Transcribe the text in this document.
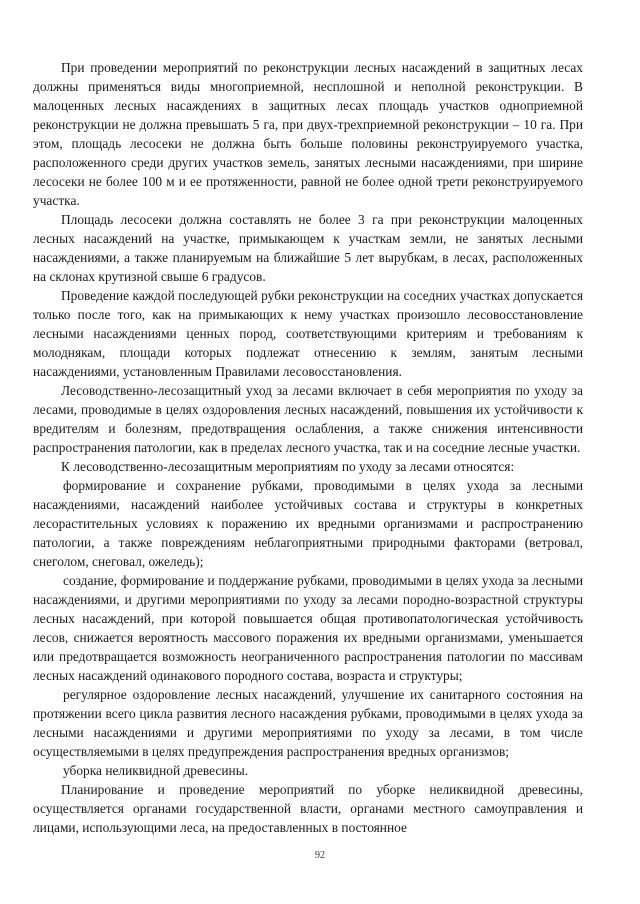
При проведении мероприятий по реконструкции лесных насаждений в защитных лесах должны применяться виды многоприемной, неcплошной и неполной реконструкции. В малоценных лесных насаждениях в защитных лесах площадь участков одноприемной реконструкции не должна превышать 5 га, при двух-трехприемной реконструкции – 10 га. При этом, площадь лесосеки не должна быть больше половины реконструируемого участка, расположенного среди других участков земель, занятых лесными насаждениями, при ширине лесосеки не более 100 м и ее протяженности, равной не более одной трети реконструируемого участка.

Площадь лесосеки должна составлять не более 3 га при реконструкции малоценных лесных насаждений на участке, примыкающем к участкам земли, не занятых лесными насаждениями, а также планируемым на ближайшие 5 лет вырубкам, в лесах, расположенных на склонах крутизной свыше 6 градусов.

Проведение каждой последующей рубки реконструкции на соседних участках допускается только после того, как на примыкающих к нему участках произошло лесовосстановление лесными насаждениями ценных пород, соответствующими критериям и требованиям к молоднякам, площади которых подлежат отнесению к землям, занятым лесными насаждениями, установленным Правилами лесовосстановления.

Лесоводственно-лесозащитный уход за лесами включает в себя мероприятия по уходу за лесами, проводимые в целях оздоровления лесных насаждений, повышения их устойчивости к вредителям и болезням, предотвращения ослабления, а также снижения интенсивности распространения патологии, как в пределах лесного участка, так и на соседние лесные участки.

К лесоводственно-лесозащитным мероприятиям по уходу за лесами относятся:

формирование и сохранение рубками, проводимыми в целях ухода за лесными насаждениями, насаждений наиболее устойчивых состава и структуры в конкретных лесорастительных условиях к поражению их вредными организмами и распространению патологии, а также повреждениям неблагоприятными природными факторами (ветровал, снеголом, снеговал, ожеледь);

создание, формирование и поддержание рубками, проводимыми в целях ухода за лесными насаждениями, и другими мероприятиями по уходу за лесами породно-возрастной структуры лесных насаждений, при которой повышается общая противопатологическая устойчивость лесов, снижается вероятность массового поражения их вредными организмами, уменьшается или предотвращается возможность неограниченного распространения патологии по массивам лесных насаждений одинакового породного состава, возраста и структуры;

регулярное оздоровление лесных насаждений, улучшение их санитарного состояния на протяжении всего цикла развития лесного насаждения рубками, проводимыми в целях ухода за лесными насаждениями и другими мероприятиями по уходу за лесами, в том числе осуществляемыми в целях предупреждения распространения вредных организмов;

уборка неликвидной древесины.

Планирование и проведение мероприятий по уборке неликвидной древесины, осуществляется органами государственной власти, органами местного самоуправления и лицами, использующими леса, на предоставленных в постоянное

92
